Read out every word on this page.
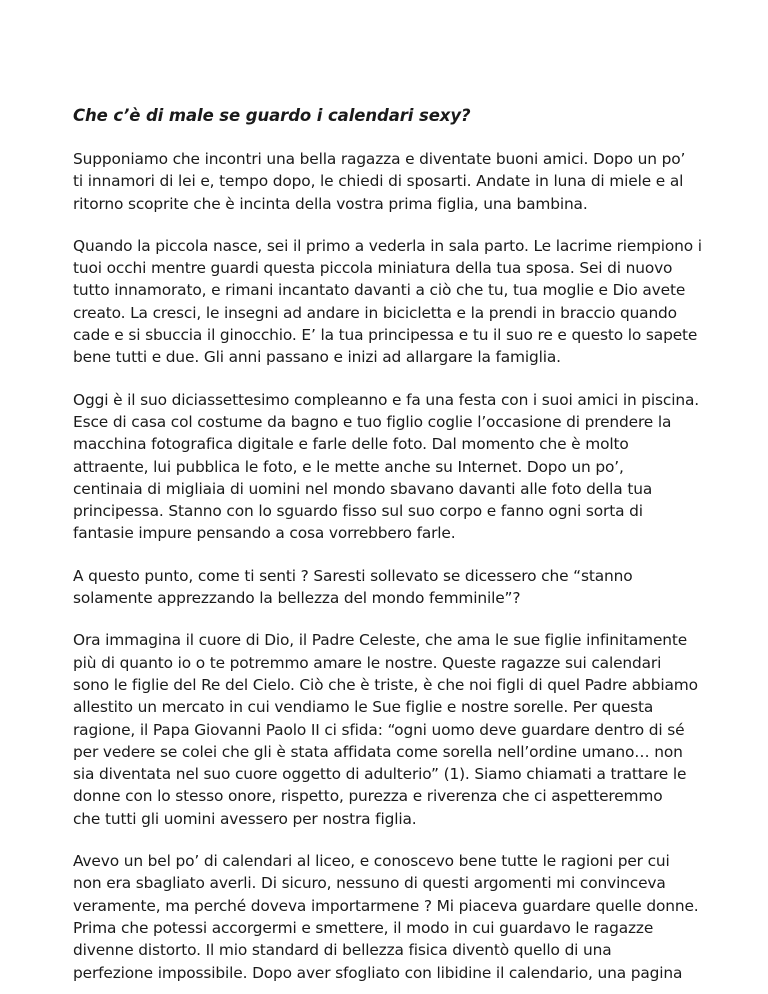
Che c’è di male se guardo i calendari sexy?

Supponiamo che incontri una bella ragazza e diventate buoni amici. Dopo un po’
ti innamori di lei e, tempo dopo, le chiedi di sposarti. Andate in luna di miele e al
ritorno scoprite che è incinta della vostra prima figlia, una bambina.

Quando la piccola nasce, sei il primo a vederla in sala parto. Le lacrime riempiono i
tuoi occhi mentre guardi questa piccola miniatura della tua sposa. Sei di nuovo
tutto innamorato, e rimani incantato davanti a ciò che tu, tua moglie e Dio avete
creato. La cresci, le insegni ad andare in bicicletta e la prendi in braccio quando
cade e si sbuccia il ginocchio. E’ la tua principessa e tu il suo re e questo lo sapete
bene tutti e due. Gli anni passano e inizi ad allargare la famiglia.

Oggi è il suo diciassettesimo compleanno e fa una festa con i suoi amici in piscina.
Esce di casa col costume da bagno e tuo figlio coglie l’occasione di prendere la
macchina fotografica digitale e farle delle foto. Dal momento che è molto
attraente, lui pubblica le foto, e le mette anche su Internet. Dopo un po’,
centinaia di migliaia di uomini nel mondo sbavano davanti alle foto della tua
principessa. Stanno con lo sguardo fisso sul suo corpo e fanno ogni sorta di
fantasie impure pensando a cosa vorrebbero farle.

A questo punto, come ti senti ? Saresti sollevato se dicessero che “stanno
solamente apprezzando la bellezza del mondo femminile”?

Ora immagina il cuore di Dio, il Padre Celeste, che ama le sue figlie infinitamente
più di quanto io o te potremmo amare le nostre. Queste ragazze sui calendari
sono le figlie del Re del Cielo. Ciò che è triste, è che noi figli di quel Padre abbiamo
allestito un mercato in cui vendiamo le Sue figlie e nostre sorelle. Per questa
ragione, il Papa Giovanni Paolo II ci sfida: “ogni uomo deve guardare dentro di sé
per vedere se colei che gli è stata affidata come sorella nell’ordine umano… non
sia diventata nel suo cuore oggetto di adulterio” (1). Siamo chiamati a trattare le
donne con lo stesso onore, rispetto, purezza e riverenza che ci aspetteremmo
che tutti gli uomini avessero per nostra figlia.

Avevo un bel po’ di calendari al liceo, e conoscevo bene tutte le ragioni per cui
non era sbagliato averli. Di sicuro, nessuno di questi argomenti mi convinceva
veramente, ma perché doveva importarmene ? Mi piaceva guardare quelle donne.
Prima che potessi accorgermi e smettere, il modo in cui guardavo le ragazze
divenne distorto. Il mio standard di bellezza fisica diventò quello di una
perfezione impossibile. Dopo aver sfogliato con libidine il calendario, una pagina
